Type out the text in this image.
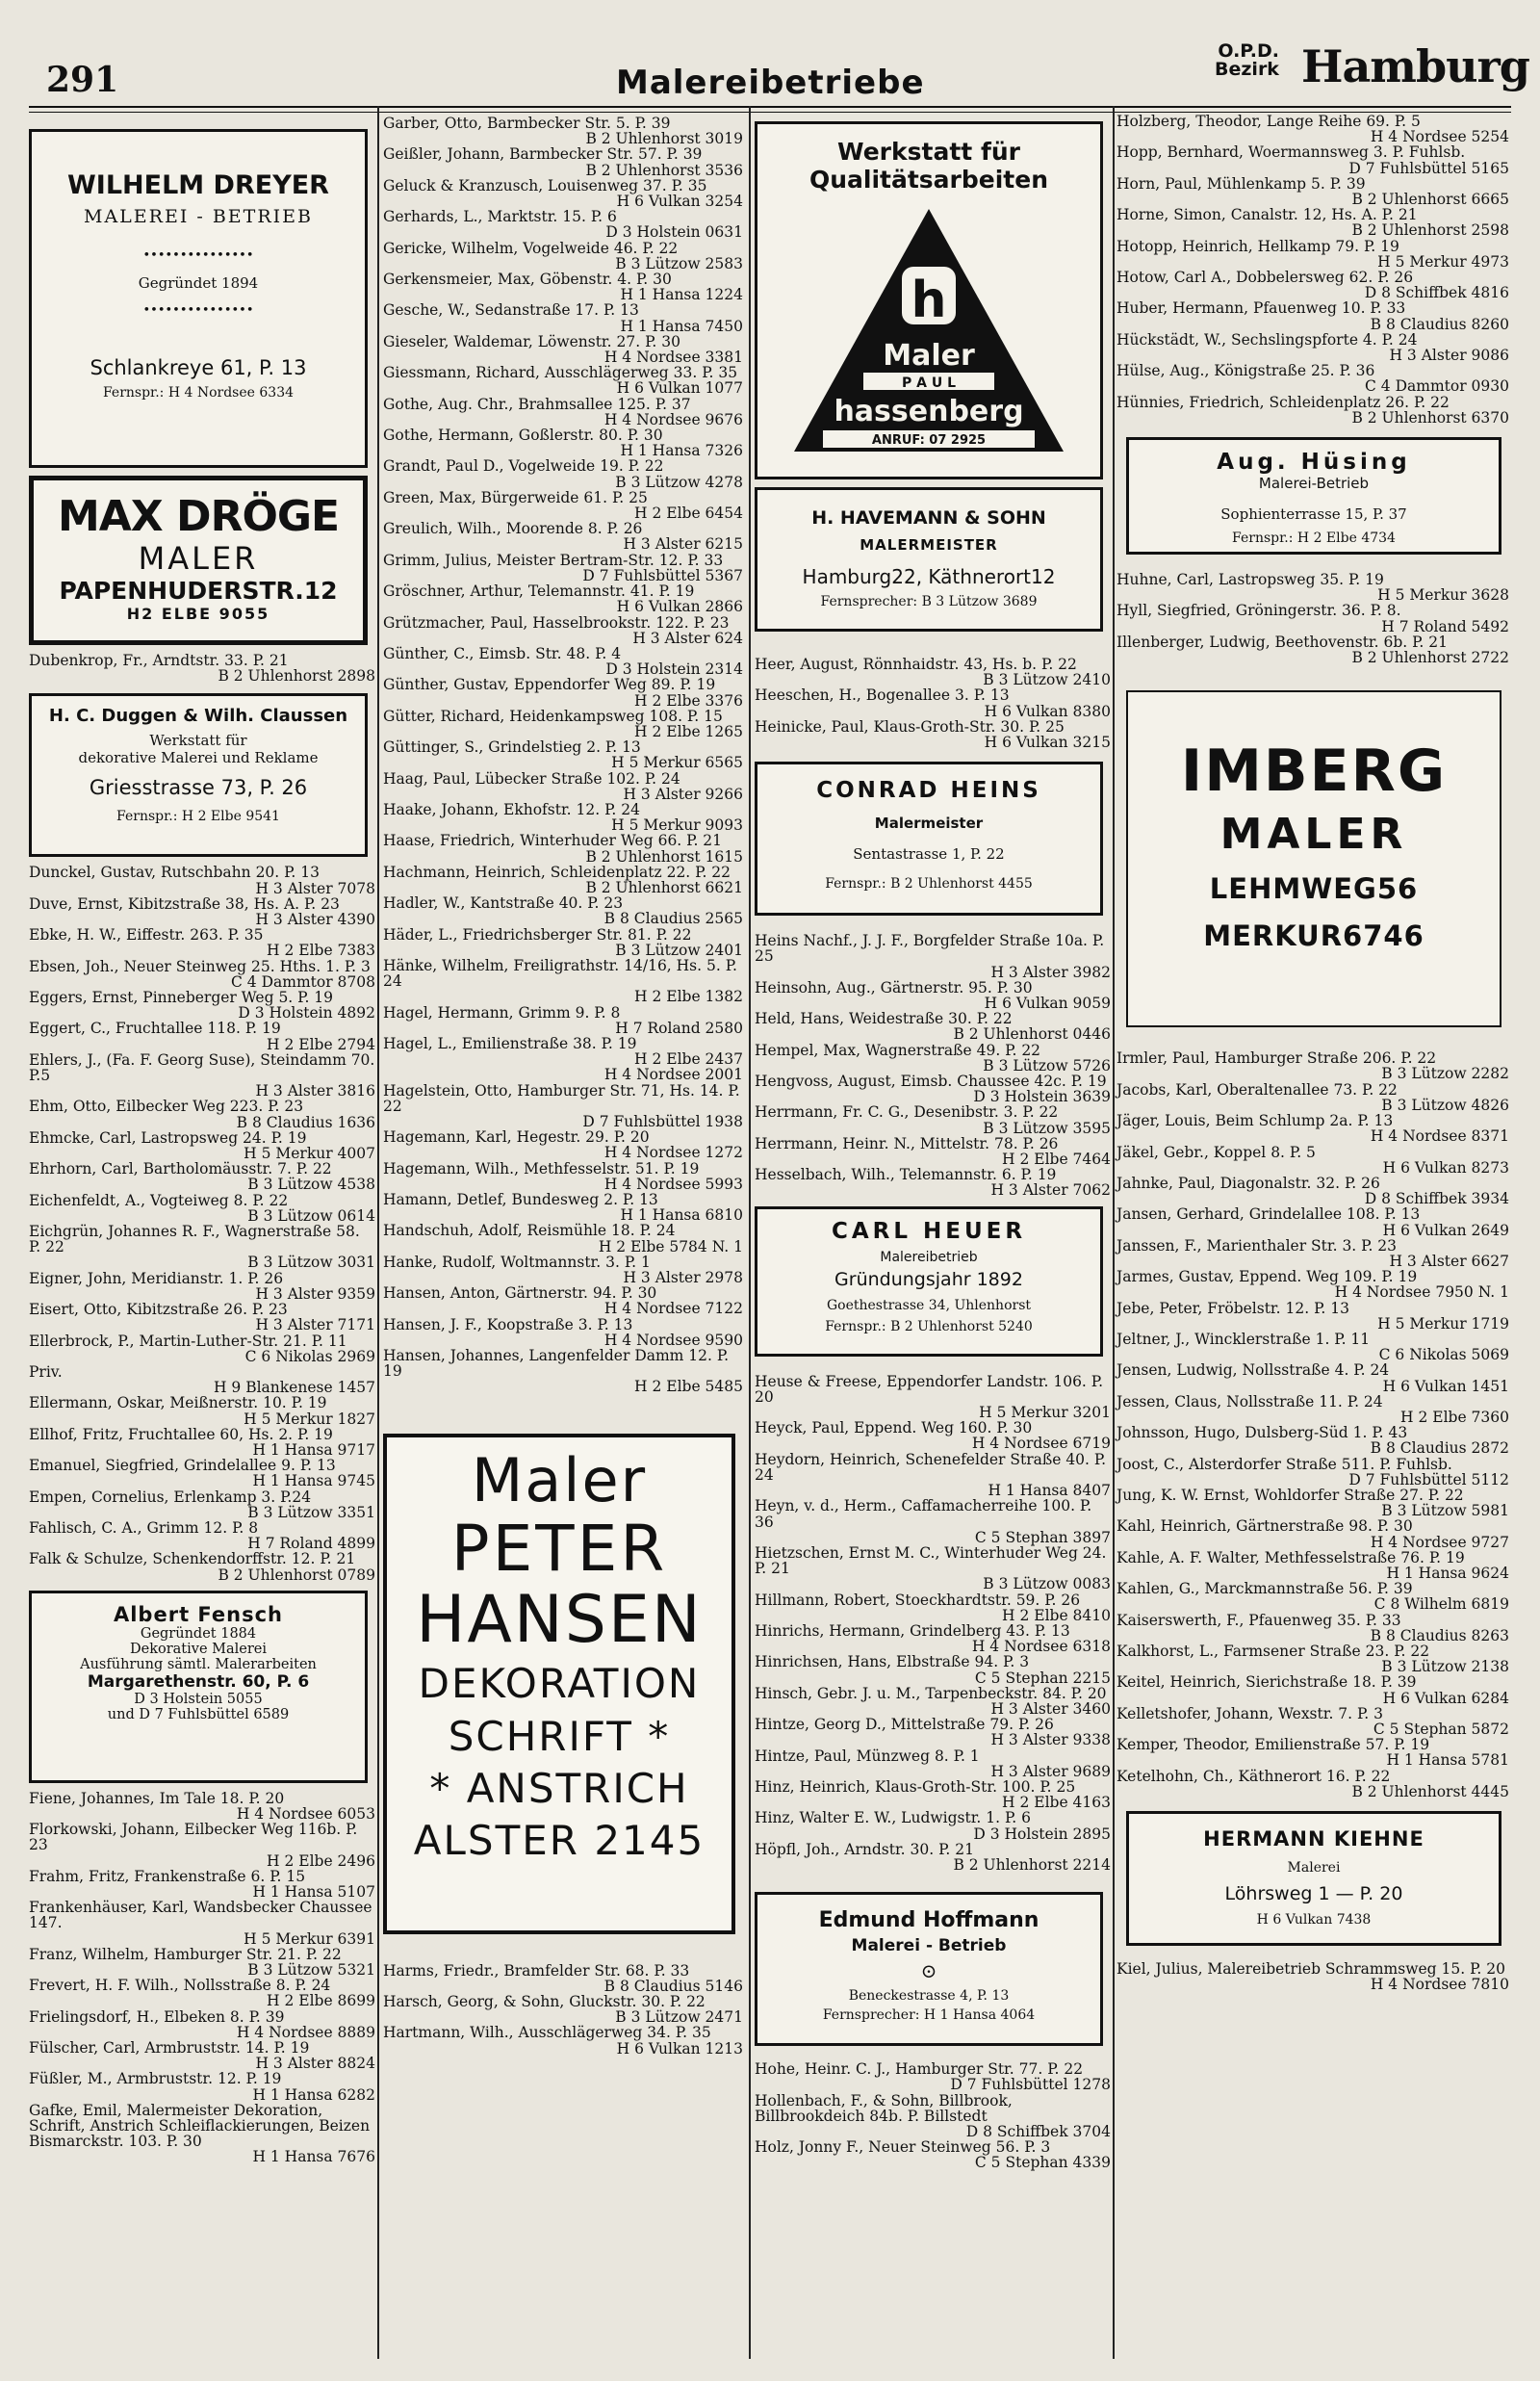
291	Malereibetriebe
O.P.D.
Bezirk Hamburg
WILHELM DREYER
MALEREI - BETRIEB
•••••••••••••••
Gegründet 1894
•••••••••••••••
Schlankreye 61, P. 13
Fernspr.: H 4 Nordsee 6334
MAX DRÖGE
MALER
PAPENHUDERSTR.12
H2 ELBE 9055
Dubenkrop, Fr., Arndtstr. 33. P. 21
B 2 Uhlenhorst 2898
H. C. Duggen & Wilh. Claussen
Werkstatt für
dekorative Malerei und Reklame
Griesstrasse 73, P. 26
Fernspr.: H 2 Elbe 9541
Dunckel, Gustav, Rutschbahn 20. P. 13
H 3 Alster 7078
Duve, Ernst, Kibitzstraße 38, Hs. A. P. 23
H 3 Alster 4390
Ebke, H. W., Eiffestr. 263. P. 35
H 2 Elbe 7383
Ebsen, Joh., Neuer Steinweg 25. Hths. 1. P. 3
C 4 Dammtor 8708
Eggers, Ernst, Pinneberger Weg 5. P. 19
D 3 Holstein 4892
Eggert, C., Fruchtallee 118. P. 19
H 2 Elbe 2794
Ehlers, J., (Fa. F. Georg Suse), Steindamm 70. P.5
H 3 Alster 3816
Ehm, Otto, Eilbecker Weg 223. P. 23
B 8 Claudius 1636
Ehmcke, Carl, Lastropsweg 24. P. 19
H 5 Merkur 4007
Ehrhorn, Carl, Bartholomäusstr. 7. P. 22
B 3 Lützow 4538
Eichenfeldt, A., Vogteiweg 8. P. 22
B 3 Lützow 0614
Eichgrün, Johannes R. F., Wagnerstraße 58. P. 22
B 3 Lützow 3031
Eigner, John, Meridianstr. 1. P. 26
H 3 Alster 9359
Eisert, Otto, Kibitzstraße 26. P. 23
H 3 Alster 7171
Ellerbrock, P., Martin-Luther-Str. 21. P. 11
C 6 Nikolas 2969
Priv.
H 9 Blankenese 1457
Ellermann, Oskar, Meißnerstr. 10. P. 19
H 5 Merkur 1827
Ellhof, Fritz, Fruchtallee 60, Hs. 2. P. 19
H 1 Hansa 9717
Emanuel, Siegfried, Grindelallee 9. P. 13
H 1 Hansa 9745
Empen, Cornelius, Erlenkamp 3. P.24
B 3 Lützow 3351
Fahlisch, C. A., Grimm 12. P. 8
H 7 Roland 4899
Falk & Schulze, Schenkendorffstr. 12. P. 21
B 2 Uhlenhorst 0789
Albert Fensch
Gegründet 1884
Dekorative Malerei
Ausführung sämtl. Malerarbeiten
Margarethenstr. 60, P. 6
D 3 Holstein 5055
und D 7 Fuhlsbüttel 6589
Fiene, Johannes, Im Tale 18. P. 20
H 4 Nordsee 6053
Florkowski, Johann, Eilbecker Weg 116b. P. 23
H 2 Elbe 2496
Frahm, Fritz, Frankenstraße 6. P. 15
H 1 Hansa 5107
Frankenhäuser, Karl, Wandsbecker Chaussee 147.
H 5 Merkur 6391
Franz, Wilhelm, Hamburger Str. 21. P. 22
B 3 Lützow 5321
Frevert, H. F. Wilh., Nollsstraße 8. P. 24
H 2 Elbe 8699
Frielingsdorf, H., Elbeken 8. P. 39
H 4 Nordsee 8889
Fülscher, Carl, Armbruststr. 14. P. 19
H 3 Alster 8824
Füßler, M., Armbruststr. 12. P. 19
H 1 Hansa 6282
Gafke, Emil, Malermeister Dekoration, Schrift, Anstrich Schleiflackierungen, Beizen Bismarckstr. 103. P. 30
H 1 Hansa 7676
Garber, Otto, Barmbecker Str. 5. P. 39
B 2 Uhlenhorst 3019
Geißler, Johann, Barmbecker Str. 57. P. 39
B 2 Uhlenhorst 3536
Geluck & Kranzusch, Louisenweg 37. P. 35
H 6 Vulkan 3254
Gerhards, L., Marktstr. 15. P. 6
D 3 Holstein 0631
Gericke, Wilhelm, Vogelweide 46. P. 22
B 3 Lützow 2583
Gerkensmeier, Max, Göbenstr. 4. P. 30
H 1 Hansa 1224
Gesche, W., Sedanstraße 17. P. 13
H 1 Hansa 7450
Gieseler, Waldemar, Löwenstr. 27. P. 30
H 4 Nordsee 3381
Giessmann, Richard, Ausschlägerweg 33. P. 35
H 6 Vulkan 1077
Gothe, Aug. Chr., Brahmsallee 125. P. 37
H 4 Nordsee 9676
Gothe, Hermann, Goßlerstr. 80. P. 30
H 1 Hansa 7326
Grandt, Paul D., Vogelweide 19. P. 22
B 3 Lützow 4278
Green, Max, Bürgerweide 61. P. 25
H 2 Elbe 6454
Greulich, Wilh., Moorende 8. P. 26
H 3 Alster 6215
Grimm, Julius, Meister Bertram-Str. 12. P. 33
D 7 Fuhlsbüttel 5367
Gröschner, Arthur, Telemannstr. 41. P. 19
H 6 Vulkan 2866
Grützmacher, Paul, Hasselbrookstr. 122. P. 23
H 3 Alster 624
Günther, C., Eimsb. Str. 48. P. 4
D 3 Holstein 2314
Günther, Gustav, Eppendorfer Weg 89. P. 19
H 2 Elbe 3376
Gütter, Richard, Heidenkampsweg 108. P. 15
H 2 Elbe 1265
Güttinger, S., Grindelstieg 2. P. 13
H 5 Merkur 6565
Haag, Paul, Lübecker Straße 102. P. 24
H 3 Alster 9266
Haake, Johann, Ekhofstr. 12. P. 24
H 5 Merkur 9093
Haase, Friedrich, Winterhuder Weg 66. P. 21
B 2 Uhlenhorst 1615
Hachmann, Heinrich, Schleidenplatz 22. P. 22
B 2 Uhlenhorst 6621
Hadler, W., Kantstraße 40. P. 23
B 8 Claudius 2565
Häder, L., Friedrichsberger Str. 81. P. 22
B 3 Lützow 2401
Hänke, Wilhelm, Freiligrathstr. 14/16, Hs. 5. P. 24
H 2 Elbe 1382
Hagel, Hermann, Grimm 9. P. 8
H 7 Roland 2580
Hagel, L., Emilienstraße 38. P. 19
H 2 Elbe 2437
H 4 Nordsee 2001
Hagelstein, Otto, Hamburger Str. 71, Hs. 14. P. 22
D 7 Fuhlsbüttel 1938
Hagemann, Karl, Hegestr. 29. P. 20
H 4 Nordsee 1272
Hagemann, Wilh., Methfesselstr. 51. P. 19
H 4 Nordsee 5993
Hamann, Detlef, Bundesweg 2. P. 13
H 1 Hansa 6810
Handschuh, Adolf, Reismühle 18. P. 24
H 2 Elbe 5784 N. 1
Hanke, Rudolf, Woltmannstr. 3. P. 1
H 3 Alster 2978
Hansen, Anton, Gärtnerstr. 94. P. 30
H 4 Nordsee 7122
Hansen, J. F., Koopstraße 3. P. 13
H 4 Nordsee 9590
Hansen, Johannes, Langenfelder Damm 12. P. 19
H 2 Elbe 5485
Maler
PETER
HANSEN
DEKORATION
SCHRIFT *
* ANSTRICH
ALSTER 2145
Harms, Friedr., Bramfelder Str. 68. P. 33
B 8 Claudius 5146
Harsch, Georg, & Sohn, Gluckstr. 30. P. 22
B 3 Lützow 2471
Hartmann, Wilh., Ausschlägerweg 34. P. 35
H 6 Vulkan 1213
Werkstatt für
Qualitätsarbeiten
h
Maler
P A U L
hassenberg
ANRUF: 07 2925
H. HAVEMANN & SOHN
MALERMEISTER
Hamburg22, Käthnerort12
Fernsprecher: B 3 Lützow 3689
Heer, August, Rönnhaidstr. 43, Hs. b. P. 22
B 3 Lützow 2410
Heeschen, H., Bogenallee 3. P. 13
H 6 Vulkan 8380
Heinicke, Paul, Klaus-Groth-Str. 30. P. 25
H 6 Vulkan 3215
CONRAD HEINS
Malermeister
Sentastrasse 1, P. 22
Fernspr.: B 2 Uhlenhorst 4455
Heins Nachf., J. J. F., Borgfelder Straße 10a. P. 25
H 3 Alster 3982
Heinsohn, Aug., Gärtnerstr. 95. P. 30
H 6 Vulkan 9059
Held, Hans, Weidestraße 30. P. 22
B 2 Uhlenhorst 0446
Hempel, Max, Wagnerstraße 49. P. 22
B 3 Lützow 5726
Hengvoss, August, Eimsb. Chaussee 42c. P. 19
D 3 Holstein 3639
Herrmann, Fr. C. G., Desenibstr. 3. P. 22
B 3 Lützow 3595
Herrmann, Heinr. N., Mittelstr. 78. P. 26
H 2 Elbe 7464
Hesselbach, Wilh., Telemannstr. 6. P. 19
H 3 Alster 7062
CARL HEUER
Malereibetrieb
Gründungsjahr 1892
Goethestrasse 34, Uhlenhorst
Fernspr.: B 2 Uhlenhorst 5240
Heuse & Freese, Eppendorfer Landstr. 106. P. 20
H 5 Merkur 3201
Heyck, Paul, Eppend. Weg 160. P. 30
H 4 Nordsee 6719
Heydorn, Heinrich, Schenefelder Straße 40. P. 24
H 1 Hansa 8407
Heyn, v. d., Herm., Caffamacherreihe 100. P. 36
C 5 Stephan 3897
Hietzschen, Ernst M. C., Winterhuder Weg 24. P. 21
B 3 Lützow 0083
Hillmann, Robert, Stoeckhardtstr. 59. P. 26
H 2 Elbe 8410
Hinrichs, Hermann, Grindelberg 43. P. 13
H 4 Nordsee 6318
Hinrichsen, Hans, Elbstraße 94. P. 3
C 5 Stephan 2215
Hinsch, Gebr. J. u. M., Tarpenbeckstr. 84. P. 20
H 3 Alster 3460
Hintze, Georg D., Mittelstraße 79. P. 26
H 3 Alster 9338
Hintze, Paul, Münzweg 8. P. 1
H 3 Alster 9689
Hinz, Heinrich, Klaus-Groth-Str. 100. P. 25
H 2 Elbe 4163
Hinz, Walter E. W., Ludwigstr. 1. P. 6
D 3 Holstein 2895
Höpfl, Joh., Arndstr. 30. P. 21
B 2 Uhlenhorst 2214
Edmund Hoffmann
Malerei - Betrieb
⊙
Beneckestrasse 4, P. 13
Fernsprecher: H 1 Hansa 4064
Hohe, Heinr. C. J., Hamburger Str. 77. P. 22
D 7 Fuhlsbüttel 1278
Hollenbach, F., & Sohn, Billbrook, Billbrookdeich 84b. P. Billstedt
D 8 Schiffbek 3704
Holz, Jonny F., Neuer Steinweg 56. P. 3
C 5 Stephan 4339
Holzberg, Theodor, Lange Reihe 69. P. 5
H 4 Nordsee 5254
Hopp, Bernhard, Woermannsweg 3. P. Fuhlsb.
D 7 Fuhlsbüttel 5165
Horn, Paul, Mühlenkamp 5. P. 39
B 2 Uhlenhorst 6665
Horne, Simon, Canalstr. 12, Hs. A. P. 21
B 2 Uhlenhorst 2598
Hotopp, Heinrich, Hellkamp 79. P. 19
H 5 Merkur 4973
Hotow, Carl A., Dobbelersweg 62. P. 26
D 8 Schiffbek 4816
Huber, Hermann, Pfauenweg 10. P. 33
B 8 Claudius 8260
Hückstädt, W., Sechslingspforte 4. P. 24
H 3 Alster 9086
Hülse, Aug., Königstraße 25. P. 36
C 4 Dammtor 0930
Hünnies, Friedrich, Schleidenplatz 26. P. 22
B 2 Uhlenhorst 6370
Aug. Hüsing
Malerei-Betrieb
Sophienterrasse 15, P. 37
Fernspr.: H 2 Elbe 4734
Huhne, Carl, Lastropsweg 35. P. 19
H 5 Merkur 3628
Hyll, Siegfried, Gröningerstr. 36. P. 8.
H 7 Roland 5492
Illenberger, Ludwig, Beethovenstr. 6b. P. 21
B 2 Uhlenhorst 2722
IMBERG
MALER
LEHMWEG56
MERKUR6746
Irmler, Paul, Hamburger Straße 206. P. 22
B 3 Lützow 2282
Jacobs, Karl, Oberaltenallee 73. P. 22
B 3 Lützow 4826
Jäger, Louis, Beim Schlump 2a. P. 13
H 4 Nordsee 8371
Jäkel, Gebr., Koppel 8. P. 5
H 6 Vulkan 8273
Jahnke, Paul, Diagonalstr. 32. P. 26
D 8 Schiffbek 3934
Jansen, Gerhard, Grindelallee 108. P. 13
H 6 Vulkan 2649
Janssen, F., Marienthaler Str. 3. P. 23
H 3 Alster 6627
Jarmes, Gustav, Eppend. Weg 109. P. 19
H 4 Nordsee 7950 N. 1
Jebe, Peter, Fröbelstr. 12. P. 13
H 5 Merkur 1719
Jeltner, J., Wincklerstraße 1. P. 11
C 6 Nikolas 5069
Jensen, Ludwig, Nollsstraße 4. P. 24
H 6 Vulkan 1451
Jessen, Claus, Nollsstraße 11. P. 24
H 2 Elbe 7360
Johnsson, Hugo, Dulsberg-Süd 1. P. 43
B 8 Claudius 2872
Joost, C., Alsterdorfer Straße 511. P. Fuhlsb.
D 7 Fuhlsbüttel 5112
Jung, K. W. Ernst, Wohldorfer Straße 27. P. 22
B 3 Lützow 5981
Kahl, Heinrich, Gärtnerstraße 98. P. 30
H 4 Nordsee 9727
Kahle, A. F. Walter, Methfesselstraße 76. P. 19
H 1 Hansa 9624
Kahlen, G., Marckmannstraße 56. P. 39
C 8 Wilhelm 6819
Kaiserswerth, F., Pfauenweg 35. P. 33
B 8 Claudius 8263
Kalkhorst, L., Farmsener Straße 23. P. 22
B 3 Lützow 2138
Keitel, Heinrich, Sierichstraße 18. P. 39
H 6 Vulkan 6284
Kelletshofer, Johann, Wexstr. 7. P. 3
C 5 Stephan 5872
Kemper, Theodor, Emilienstraße 57. P. 19
H 1 Hansa 5781
Ketelhohn, Ch., Käthnerort 16. P. 22
B 2 Uhlenhorst 4445
HERMANN KIEHNE
Malerei
Löhrsweg 1 — P. 20
H 6 Vulkan 7438
Kiel, Julius, Malereibetrieb Schrammsweg 15. P. 20
H 4 Nordsee 7810
